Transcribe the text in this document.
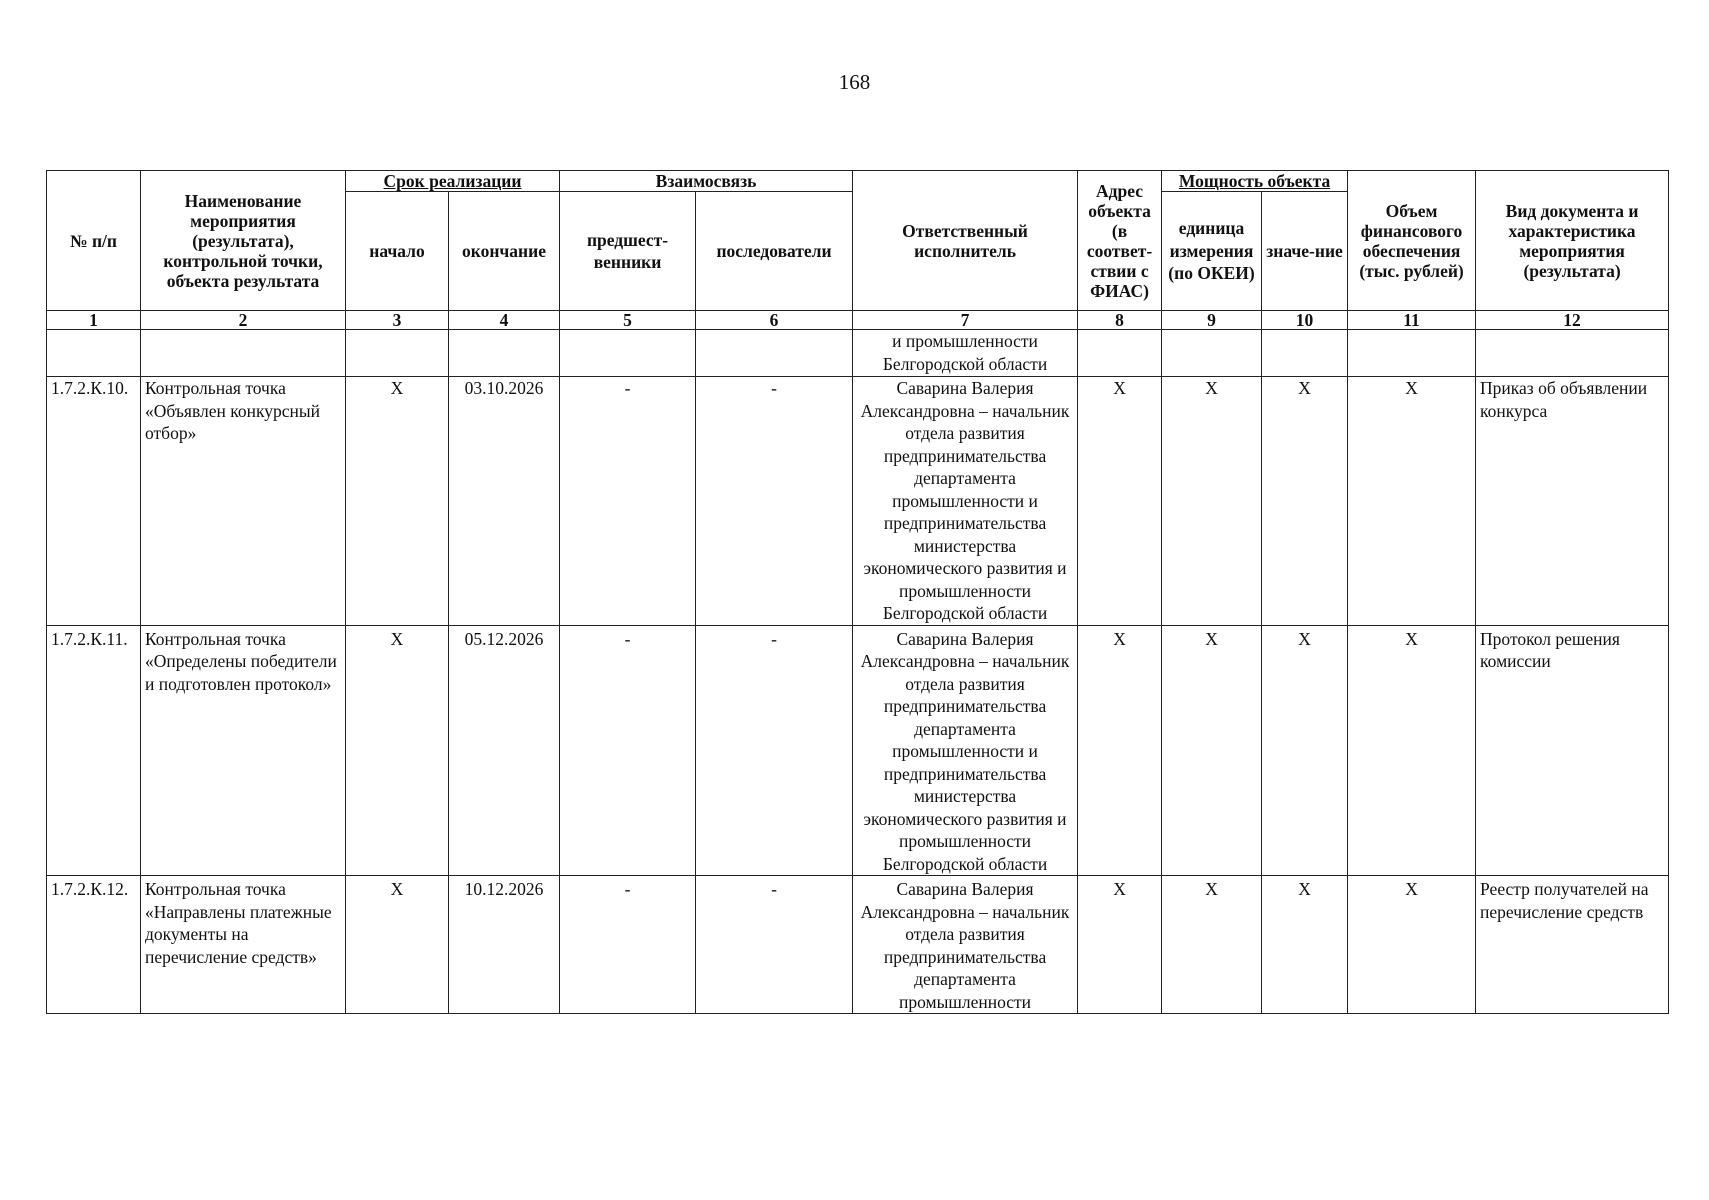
168
№ п/п	Наименование мероприятия (результата), контрольной точки, объекта результата	Срок реализации		Взаимосвязь		Ответственный исполнитель	Адрес объекта (в соответ-ствии с ФИАС)	Мощность объекта		Объем финансового обеспечения (тыс. рублей)	Вид документа и характеристика мероприятия (результата)
		начало	окончание	предшест-венники	последователи			единица измерения (по ОКЕИ)	значе-ние		
1	2	3	4	5	6	7	8	9	10	11	12
						и промышленности Белгородской области					
1.7.2.К.10.	Контрольная точка «Объявлен конкурсный отбор»	X	03.10.2026	-	-	Саварина Валерия Александровна – начальник отдела развития предпринимательства департамента промышленности и предпринимательства министерства экономического развития и промышленности Белгородской области	X	X	X	X	Приказ об объявлении конкурса
1.7.2.К.11.	Контрольная точка «Определены победители и подготовлен протокол»	X	05.12.2026	-	-	Саварина Валерия Александровна – начальник отдела развития предпринимательства департамента промышленности и предпринимательства министерства экономического развития и промышленности Белгородской области	X	X	X	X	Протокол решения комиссии
1.7.2.К.12.	Контрольная точка «Направлены платежные документы на перечисление средств»	X	10.12.2026	-	-	Саварина Валерия Александровна – начальник отдела развития предпринимательства департамента промышленности	X	X	X	X	Реестр получателей на перечисление средств
